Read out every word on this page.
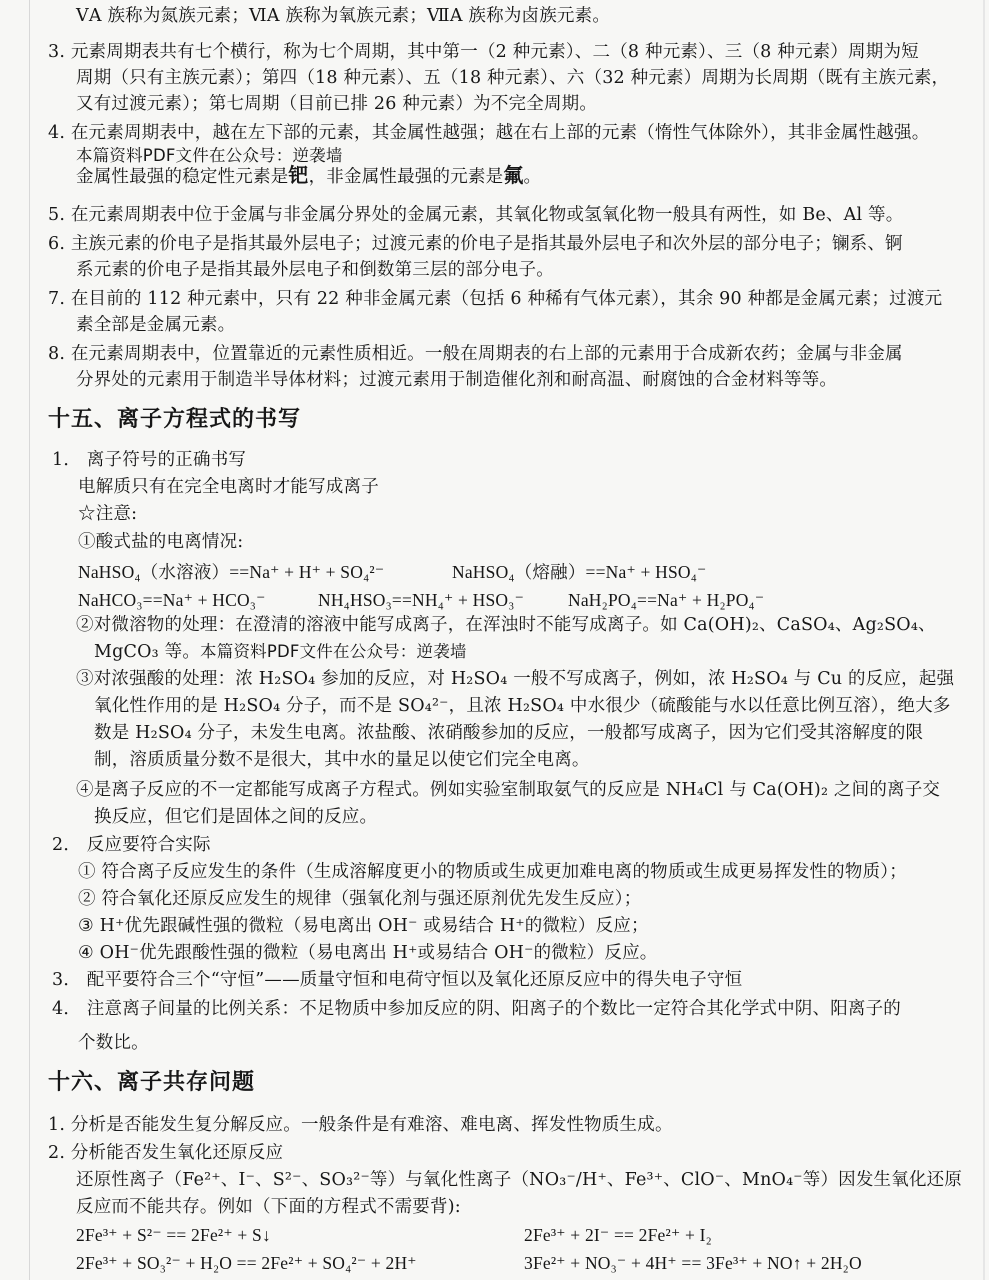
ⅤA 族称为氮族元素；ⅥA 族称为氧族元素；ⅦA 族称为卤族元素。
3. 元素周期表共有七个横行，称为七个周期，其中第一（2 种元素）、二（8 种元素）、三（8 种元素）周期为短
周期（只有主族元素）；第四（18 种元素）、五（18 种元素）、六（32 种元素）周期为长周期（既有主族元素，
又有过渡元素）；第七周期（目前已排 26 种元素）为不完全周期。
4. 在元素周期表中，越在左下部的元素，其金属性越强；越在右上部的元素（惰性气体除外），其非金属性越强。
本篇资料PDF文件在公众号：逆袭墙
金属性最强的稳定性元素是钯，非金属性最强的元素是氟。
5. 在元素周期表中位于金属与非金属分界处的金属元素，其氧化物或氢氧化物一般具有两性，如 Be、Al 等。
6. 主族元素的价电子是指其最外层电子；过渡元素的价电子是指其最外层电子和次外层的部分电子；镧系、锕
系元素的价电子是指其最外层电子和倒数第三层的部分电子。
7. 在目前的 112 种元素中，只有 22 种非金属元素（包括 6 种稀有气体元素），其余 90 种都是金属元素；过渡元
素全部是金属元素。
8. 在元素周期表中，位置靠近的元素性质相近。一般在周期表的右上部的元素用于合成新农药；金属与非金属
分界处的元素用于制造半导体材料；过渡元素用于制造催化剂和耐高温、耐腐蚀的合金材料等等。
十五、离子方程式的书写
1． 离子符号的正确书写
电解质只有在完全电离时才能写成离子
☆注意:
①酸式盐的电离情况:
NaHSO₄（水溶液）==Na⁺ + H⁺ + SO₄²⁻	NaHSO₄（熔融）==Na⁺ + HSO₄⁻
NaHCO₃==Na⁺ + HCO₃⁻	NH₄HSO₃==NH₄⁺ + HSO₃⁻	NaH₂PO₄==Na⁺ + H₂PO₄⁻
②对微溶物的处理：在澄清的溶液中能写成离子，在浑浊时不能写成离子。如 Ca(OH)₂、CaSO₄、Ag₂SO₄、
MgCO₃ 等。本篇资料PDF文件在公众号：逆袭墙
③对浓强酸的处理：浓 H₂SO₄ 参加的反应，对 H₂SO₄ 一般不写成离子，例如，浓 H₂SO₄ 与 Cu 的反应，起强
氧化性作用的是 H₂SO₄ 分子，而不是 SO₄²⁻，且浓 H₂SO₄ 中水很少（硫酸能与水以任意比例互溶），绝大多
数是 H₂SO₄ 分子，未发生电离。浓盐酸、浓硝酸参加的反应，一般都写成离子，因为它们受其溶解度的限
制，溶质质量分数不是很大，其中水的量足以使它们完全电离。
④是离子反应的不一定都能写成离子方程式。例如实验室制取氨气的反应是 NH₄Cl 与 Ca(OH)₂ 之间的离子交
换反应，但它们是固体之间的反应。
2． 反应要符合实际
① 符合离子反应发生的条件（生成溶解度更小的物质或生成更加难电离的物质或生成更易挥发性的物质）；
② 符合氧化还原反应发生的规律（强氧化剂与强还原剂优先发生反应）；
③ H⁺优先跟碱性强的微粒（易电离出 OH⁻ 或易结合 H⁺的微粒）反应；
④ OH⁻优先跟酸性强的微粒（易电离出 H⁺或易结合 OH⁻的微粒）反应。
3． 配平要符合三个“守恒”——质量守恒和电荷守恒以及氧化还原反应中的得失电子守恒
4． 注意离子间量的比例关系：不足物质中参加反应的阴、阳离子的个数比一定符合其化学式中阴、阳离子的
个数比。
十六、离子共存问题
1. 分析是否能发生复分解反应。一般条件是有难溶、难电离、挥发性物质生成。
2. 分析能否发生氧化还原反应
还原性离子（Fe²⁺、I⁻、S²⁻、SO₃²⁻等）与氧化性离子（NO₃⁻/H⁺、Fe³⁺、ClO⁻、MnO₄⁻等）因发生氧化还原
反应而不能共存。例如（下面的方程式不需要背):
2Fe³⁺ + S²⁻ == 2Fe²⁺ + S↓	2Fe³⁺ + 2I⁻ == 2Fe²⁺ + I₂
2Fe³⁺ + SO₃²⁻ + H₂O == 2Fe²⁺ + SO₄²⁻ + 2H⁺	3Fe²⁺ + NO₃⁻ + 4H⁺ == 3Fe³⁺ + NO↑ + 2H₂O
